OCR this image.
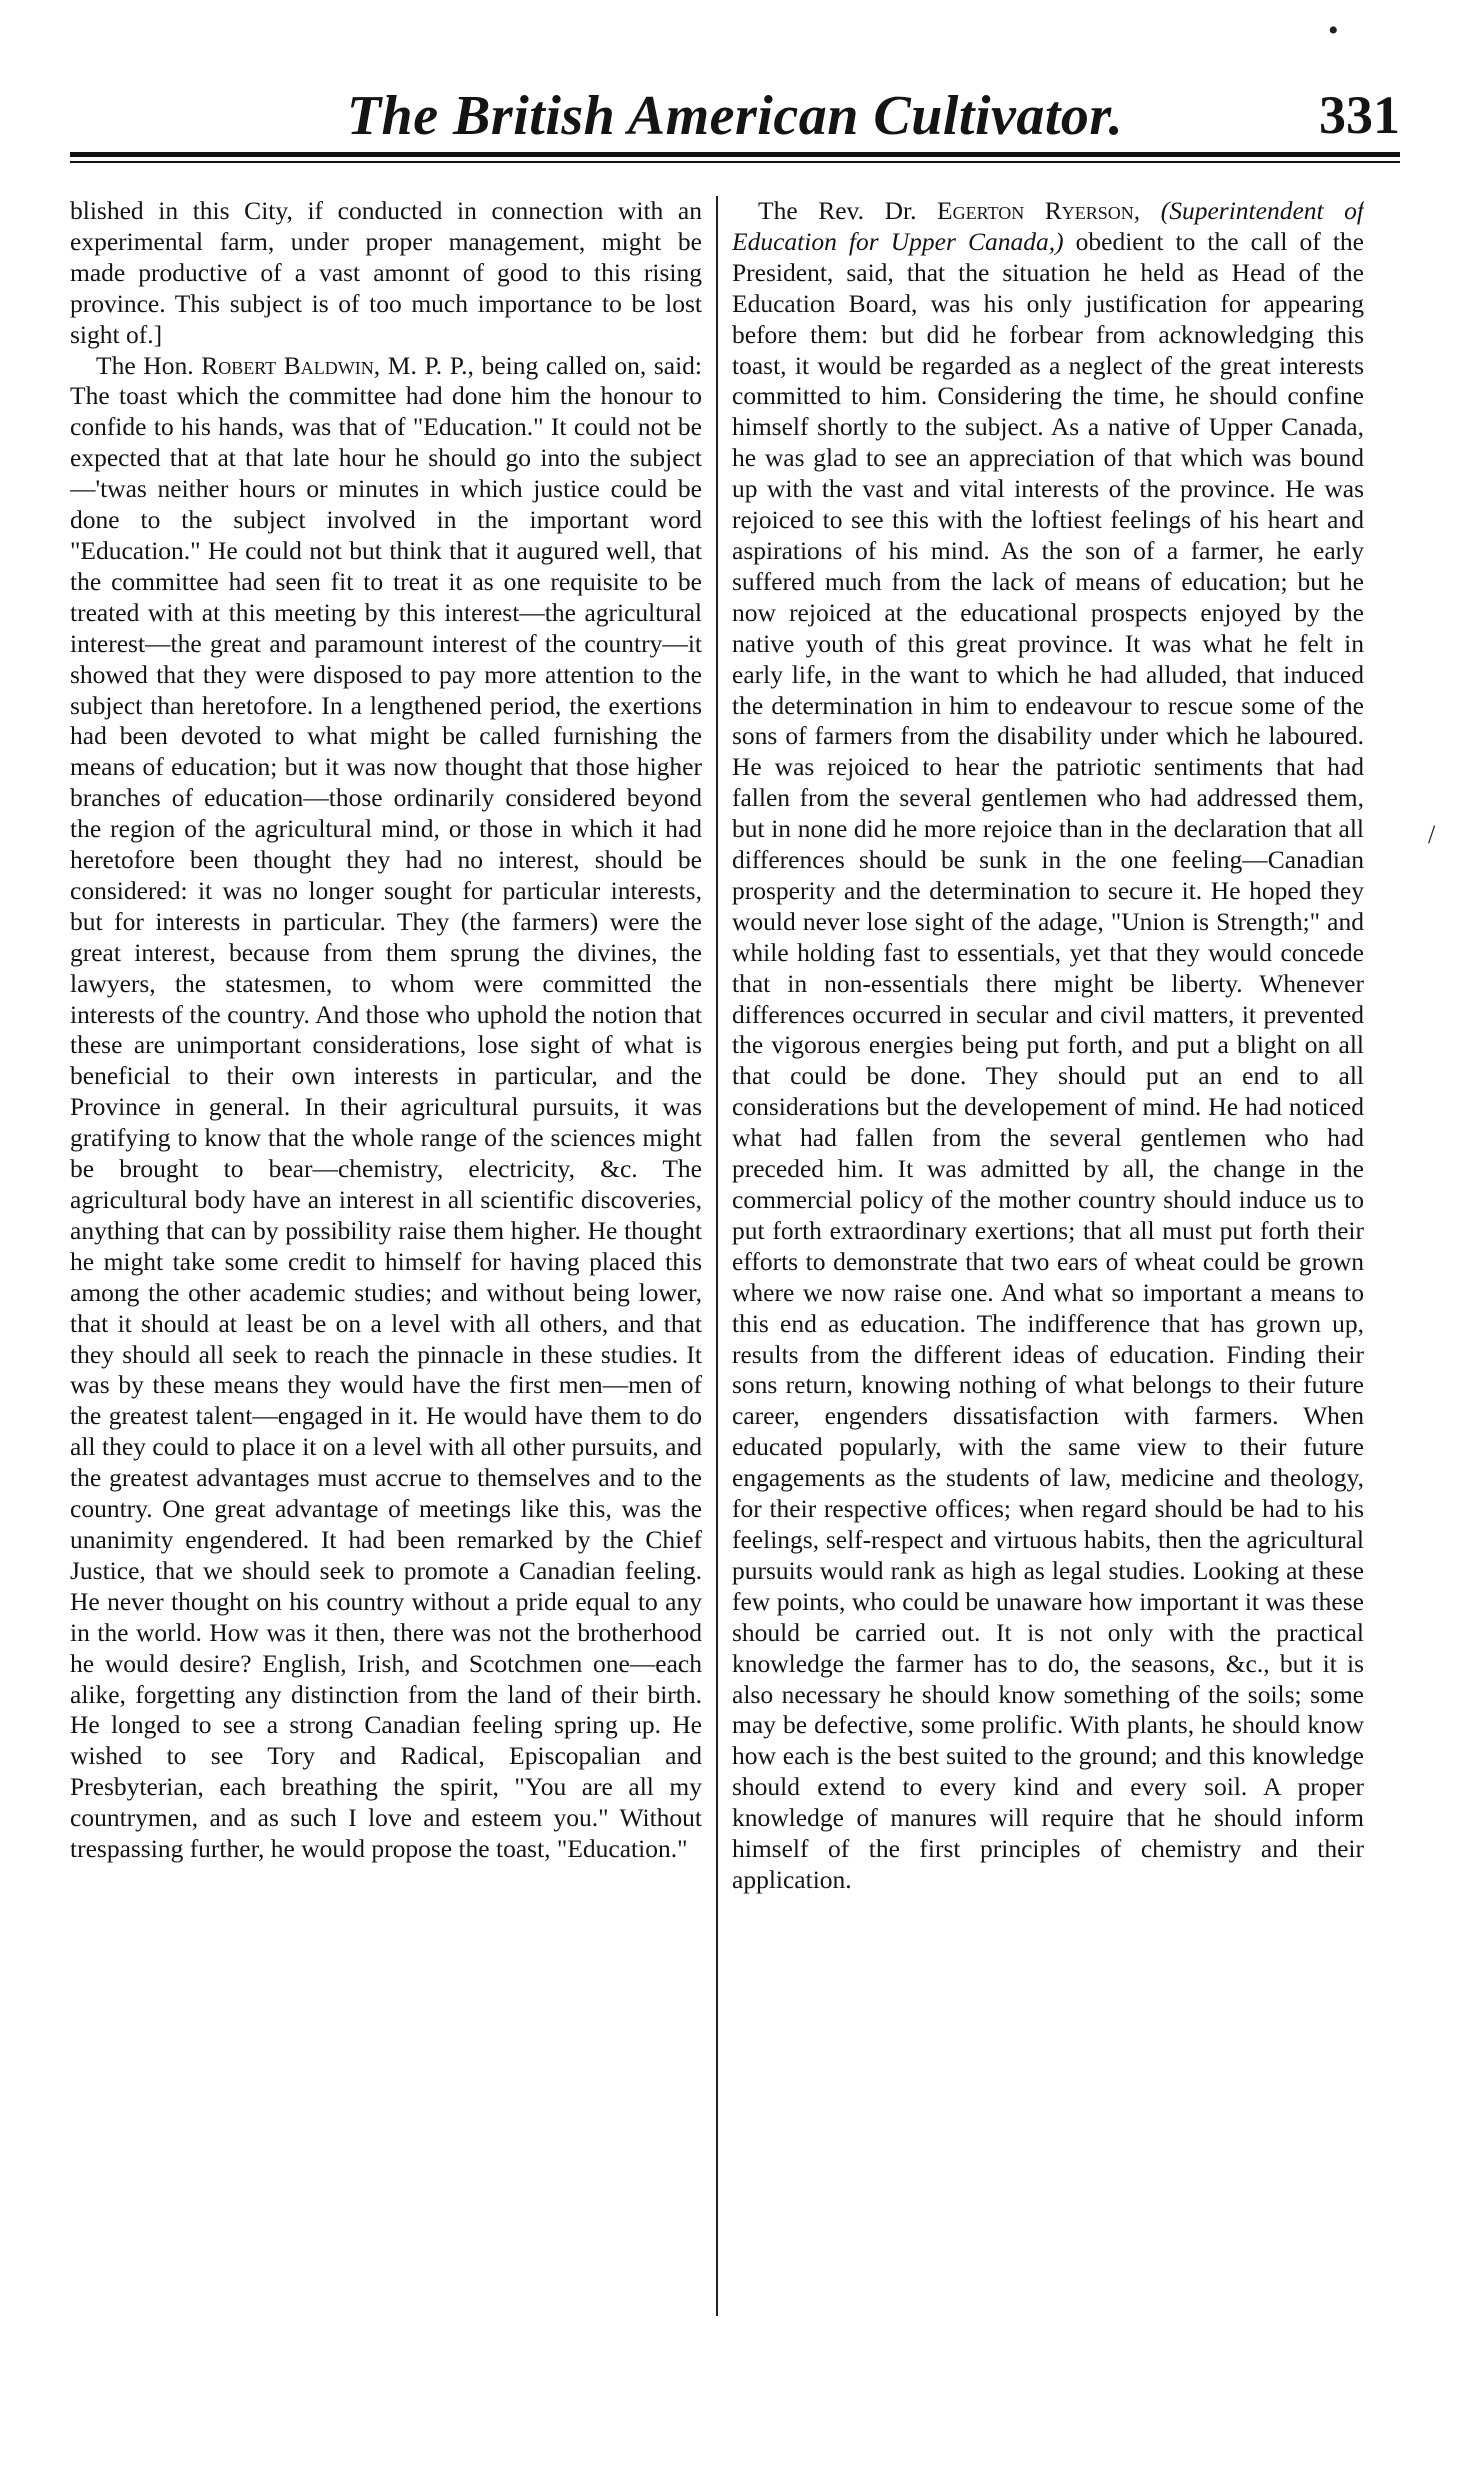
The British American Cultivator.	331
•

blished in this City, if conducted in connection with an experimental farm, under proper management, might be made productive of a vast amonnt of good to this rising province. This subject is of too much importance to be lost sight of.]

The Hon. Robert Baldwin, M. P. P., being called on, said: The toast which the committee had done him the honour to confide to his hands, was that of "Education." It could not be expected that at that late hour he should go into the subject—'twas neither hours or minutes in which justice could be done to the subject involved in the important word "Education." He could not but think that it augured well, that the committee had seen fit to treat it as one requisite to be treated with at this meeting by this interest—the agricultural interest—the great and paramount interest of the country—it showed that they were disposed to pay more attention to the subject than heretofore. In a lengthened period, the exertions had been devoted to what might be called furnishing the means of education; but it was now thought that those higher branches of education—those ordinarily considered beyond the region of the agricultural mind, or those in which it had heretofore been thought they had no interest, should be considered: it was no longer sought for particular interests, but for interests in particular. They (the farmers) were the great interest, because from them sprung the divines, the lawyers, the statesmen, to whom were committed the interests of the country. And those who uphold the notion that these are unimportant considerations, lose sight of what is beneficial to their own interests in particular, and the Province in general. In their agricultural pursuits, it was gratifying to know that the whole range of the sciences might be brought to bear—chemistry, electricity, &c. The agricultural body have an interest in all scientific discoveries, anything that can by possibility raise them higher. He thought he might take some credit to himself for having placed this among the other academic studies; and without being lower, that it should at least be on a level with all others, and that they should all seek to reach the pinnacle in these studies. It was by these means they would have the first men—men of the greatest talent—engaged in it. He would have them to do all they could to place it on a level with all other pursuits, and the greatest advantages must accrue to themselves and to the country. One great advantage of meetings like this, was the unanimity engendered. It had been remarked by the Chief Justice, that we should seek to promote a Canadian feeling. He never thought on his country without a pride equal to any in the world. How was it then, there was not the brotherhood he would desire? English, Irish, and Scotchmen one—each alike, forgetting any distinction from the land of their birth. He longed to see a strong Canadian feeling spring up. He wished to see Tory and Radical, Episcopalian and Presbyterian, each breathing the spirit, "You are all my countrymen, and as such I love and esteem you." Without trespassing further, he would propose the toast, "Education."

The Rev. Dr. Egerton Ryerson, (Superintendent of Education for Upper Canada,) obedient to the call of the President, said, that the situation he held as Head of the Education Board, was his only justification for appearing before them: but did he forbear from acknowledging this toast, it would be regarded as a neglect of the great interests committed to him. Considering the time, he should confine himself shortly to the subject. As a native of Upper Canada, he was glad to see an appreciation of that which was bound up with the vast and vital interests of the province. He was rejoiced to see this with the loftiest feelings of his heart and aspirations of his mind. As the son of a farmer, he early suffered much from the lack of means of education; but he now rejoiced at the educational prospects enjoyed by the native youth of this great province. It was what he felt in early life, in the want to which he had alluded, that induced the determination in him to endeavour to rescue some of the sons of farmers from the disability under which he laboured. He was rejoiced to hear the patriotic sentiments that had fallen from the several gentlemen who had addressed them, but in none did he more rejoice than in the declaration that all differences should be sunk in the one feeling—Canadian prosperity and the determination to secure it. He hoped they would never lose sight of the adage, "Union is Strength;" and while holding fast to essentials, yet that they would concede that in non-essentials there might be liberty. Whenever differences occurred in secular and civil matters, it prevented the vigorous energies being put forth, and put a blight on all that could be done. They should put an end to all considerations but the developement of mind. He had noticed what had fallen from the several gentlemen who had preceded him. It was admitted by all, the change in the commercial policy of the mother country should induce us to put forth extraordinary exertions; that all must put forth their efforts to demonstrate that two ears of wheat could be grown where we now raise one. And what so important a means to this end as education. The indifference that has grown up, results from the different ideas of education. Finding their sons return, knowing nothing of what belongs to their future career, engenders dissatisfaction with farmers. When educated popularly, with the same view to their future engagements as the students of law, medicine and theology, for their respective offices; when regard should be had to his feelings, self-respect and virtuous habits, then the agricultural pursuits would rank as high as legal studies. Looking at these few points, who could be unaware how important it was these should be carried out. It is not only with the practical knowledge the farmer has to do, the seasons, &c., but it is also necessary he should know something of the soils; some may be defective, some prolific. With plants, he should know how each is the best suited to the ground; and this knowledge should extend to every kind and every soil. A proper knowledge of manures will require that he should inform himself of the first principles of chemistry and their application.

/
